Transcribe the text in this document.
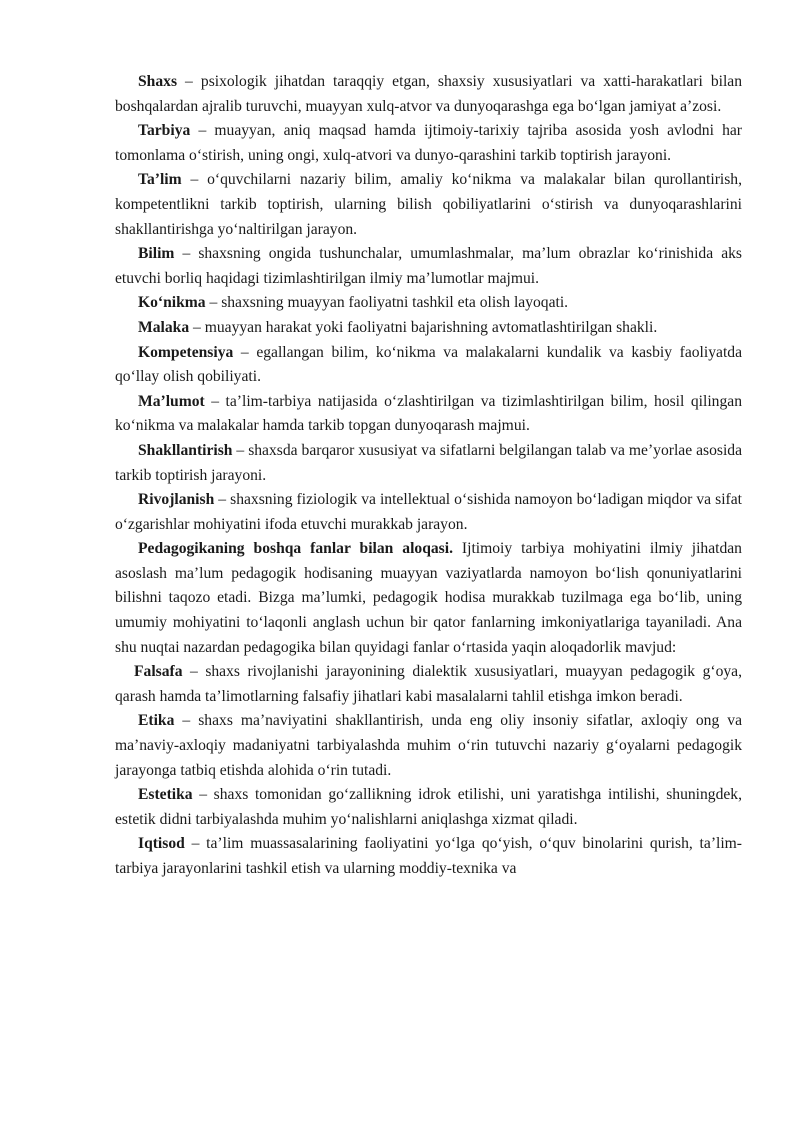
Shaxs – psixologik jihatdan taraqqiy etgan, shaxsiy xususiyatlari va xatti-harakatlari bilan boshqalardan ajralib turuvchi, muayyan xulq-atvor va dunyoqarashga ega bo‘lgan jamiyat a’zosi.

Tarbiya – muayyan, aniq maqsad hamda ijtimoiy-tarixiy tajriba asosida yosh avlodni har tomonlama o‘stirish, uning ongi, xulq-atvori va dunyo-qarashini tarkib toptirish jarayoni.

Ta’lim – o‘quvchilarni nazariy bilim, amaliy ko‘nikma va malakalar bilan qurollantirish, kompetentlikni tarkib toptirish, ularning bilish qobiliyatlarini o‘stirish va dunyoqarashlarini shakllantirishga yo‘naltirilgan jarayon.

Bilim – shaxsning ongida tushunchalar, umumlashmalar, ma’lum obrazlar ko‘rinishida aks etuvchi borliq haqidagi tizimlashtirilgan ilmiy ma’lumotlar majmui.

Ko‘nikma – shaxsning muayyan faoliyatni tashkil eta olish layoqati.

Malaka – muayyan harakat yoki faoliyatni bajarishning avtomatlashtirilgan shakli.

Kompetensiya – egallangan bilim, ko‘nikma va malakalarni kundalik va kasbiy faoliyatda qo‘llay olish qobiliyati.

Ma’lumot – ta’lim-tarbiya natijasida o‘zlashtirilgan va tizimlashtirilgan bilim, hosil qilingan ko‘nikma va malakalar hamda tarkib topgan dunyoqarash majmui.

Shakllantirish – shaxsda barqaror xususiyat va sifatlarni belgilangan talab va me’yorlae asosida tarkib toptirish jarayoni.

Rivojlanish – shaxsning fiziologik va intellektual o‘sishida namoyon bo‘ladigan miqdor va sifat o‘zgarishlar mohiyatini ifoda etuvchi murakkab jarayon.

Pedagogikaning boshqa fanlar bilan aloqasi. Ijtimoiy tarbiya mohiyatini ilmiy jihatdan asoslash ma’lum pedagogik hodisaning muayyan vaziyatlarda namoyon bo‘lish qonuniyatlarini bilishni taqozo etadi. Bizga ma’lumki, pedagogik hodisa murakkab tuzilmaga ega bo‘lib, uning umumiy mohiyatini to‘laqonli anglash uchun bir qator fanlarning imkoniyatlariga tayaniladi. Ana shu nuqtai nazardan pedagogika bilan quyidagi fanlar o‘rtasida yaqin aloqadorlik mavjud:

Falsafa – shaxs rivojlanishi jarayonining dialektik xususiyatlari, muayyan pedagogik g‘oya, qarash hamda ta’limotlarning falsafiy jihatlari kabi masalalarni tahlil etishga imkon beradi.

Etika – shaxs ma’naviyatini shakllantirish, unda eng oliy insoniy sifatlar, axloqiy ong va ma’naviy-axloqiy madaniyatni tarbiyalashda muhim o‘rin tutuvchi nazariy g‘oyalarni pedagogik jarayonga tatbiq etishda alohida o‘rin tutadi.

Estetika – shaxs tomonidan go‘zallikning idrok etilishi, uni yaratishga intilishi, shuningdek, estetik didni tarbiyalashda muhim yo‘nalishlarni aniqlashga xizmat qiladi.

Iqtisod – ta’lim muassasalarining faoliyatini yo‘lga qo‘yish, o‘quv binolarini qurish, ta’lim-tarbiya jarayonlarini tashkil etish va ularning moddiy-texnika va
